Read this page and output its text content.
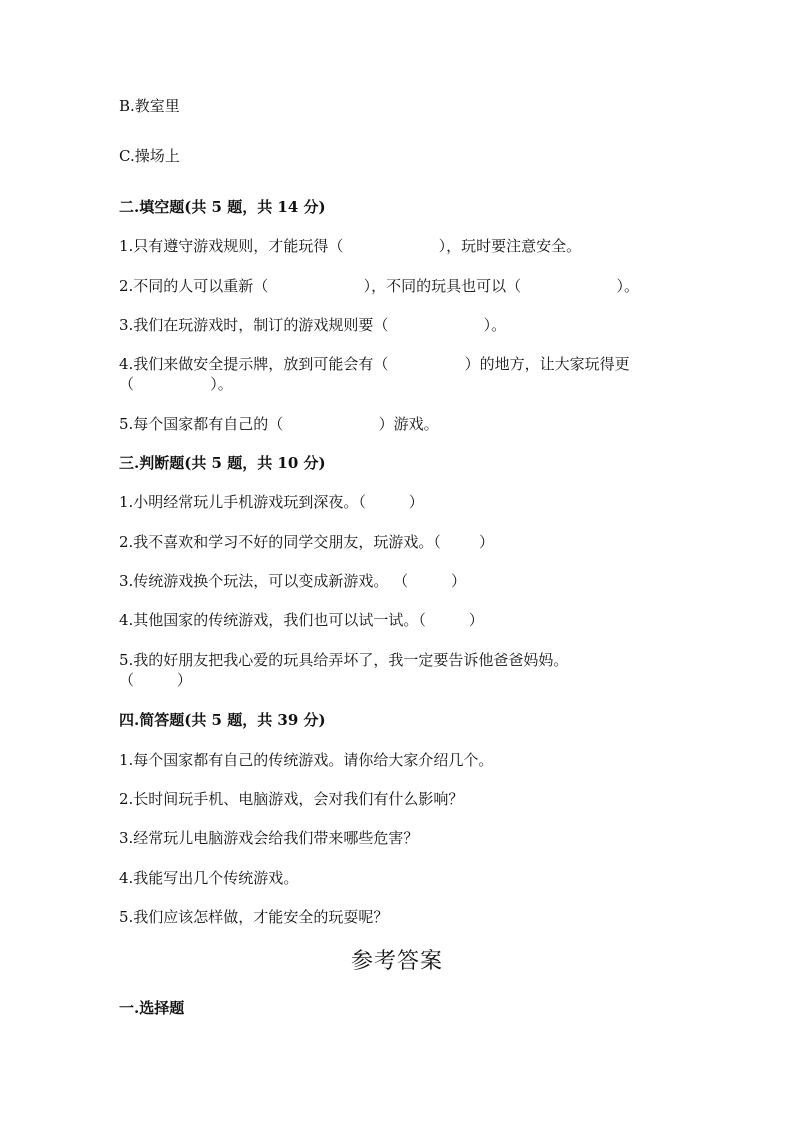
B.教室里
C.操场上
二.填空题(共 5 题，共 14 分)
1.只有遵守游戏规则，才能玩得（                    ），玩时要注意安全。
2.不同的人可以重新（                    ），不同的玩具也可以（                    ）。
3.我们在玩游戏时，制订的游戏规则要（                    ）。
4.我们来做安全提示牌，放到可能会有（                ）的地方，让大家玩得更
（                ）。
5.每个国家都有自己的（                    ）游戏。
三.判断题(共 5 题，共 10 分)
1.小明经常玩儿手机游戏玩到深夜。（         ）
2.我不喜欢和学习不好的同学交朋友，玩游戏。（        ）
3.传统游戏换个玩法，可以变成新游戏。 （         ）
4.其他国家的传统游戏，我们也可以试一试。（         ）
5.我的好朋友把我心爱的玩具给弄坏了，我一定要告诉他爸爸妈妈。
（         ）
四.简答题(共 5 题，共 39 分)
1.每个国家都有自己的传统游戏。请你给大家介绍几个。
2.长时间玩手机、电脑游戏，会对我们有什么影响？
3.经常玩儿电脑游戏会给我们带来哪些危害？
4.我能写出几个传统游戏。
5.我们应该怎样做，才能安全的玩耍呢？
参考答案
一.选择题
